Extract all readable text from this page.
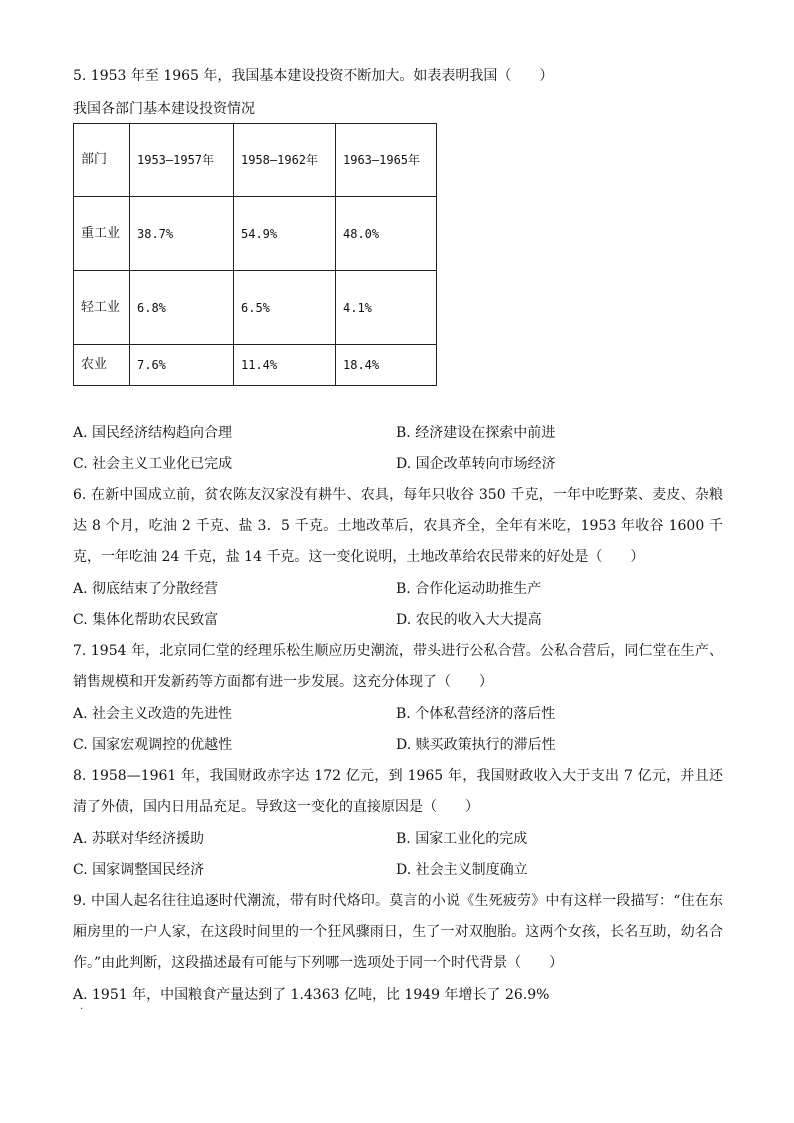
5. 1953 年至 1965 年，我国基本建设投资不断加大。如表表明我国（　　）
我国各部门基本建设投资情况
部门	1953—1957年	1958—1962年	1963—1965年
重工业	38.7%	54.9%	48.0%
轻工业	6.8%	6.5%	4.1%
农业	7.6%	11.4%	18.4%
A. 国民经济结构趋向合理	B. 经济建设在探索中前进
C. 社会主义工业化已完成	D. 国企改革转向市场经济
6. 在新中国成立前，贫农陈友汉家没有耕牛、农具，每年只收谷 350 千克，一年中吃野菜、麦皮、杂粮达 8 个月，吃油 2 千克、盐 3．5 千克。土地改革后，农具齐全，全年有米吃，1953 年收谷 1600 千克，一年吃油 24 千克，盐 14 千克。这一变化说明，土地改革给农民带来的好处是（　　）
A. 彻底结束了分散经营	B. 合作化运动助推生产
C. 集体化帮助农民致富	D. 农民的收入大大提高
7. 1954 年，北京同仁堂的经理乐松生顺应历史潮流，带头进行公私合营。公私合营后，同仁堂在生产、销售规模和开发新药等方面都有进一步发展。这充分体现了（　　）
A. 社会主义改造的先进性	B. 个体私营经济的落后性
C. 国家宏观调控的优越性	D. 赎买政策执行的滞后性
8. 1958—1961 年，我国财政赤字达 172 亿元，到 1965 年，我国财政收入大于支出 7 亿元，并且还清了外债，国内日用品充足。导致这一变化的直接原因是（　　）
A. 苏联对华经济援助	B. 国家工业化的完成
C. 国家调整国民经济	D. 社会主义制度确立
9. 中国人起名往往追逐时代潮流，带有时代烙印。莫言的小说《生死疲劳》中有这样一段描写：“住在东厢房里的一户人家，在这段时间里的一个狂风骤雨日，生了一对双胞胎。这两个女孩，长名互助，幼名合作。”由此判断，这段描述最有可能与下列哪一选项处于同一个时代背景（　　）
A. 1951 年，中国粮食产量达到了 1.4363 亿吨，比 1949 年增长了 26.9%
·
